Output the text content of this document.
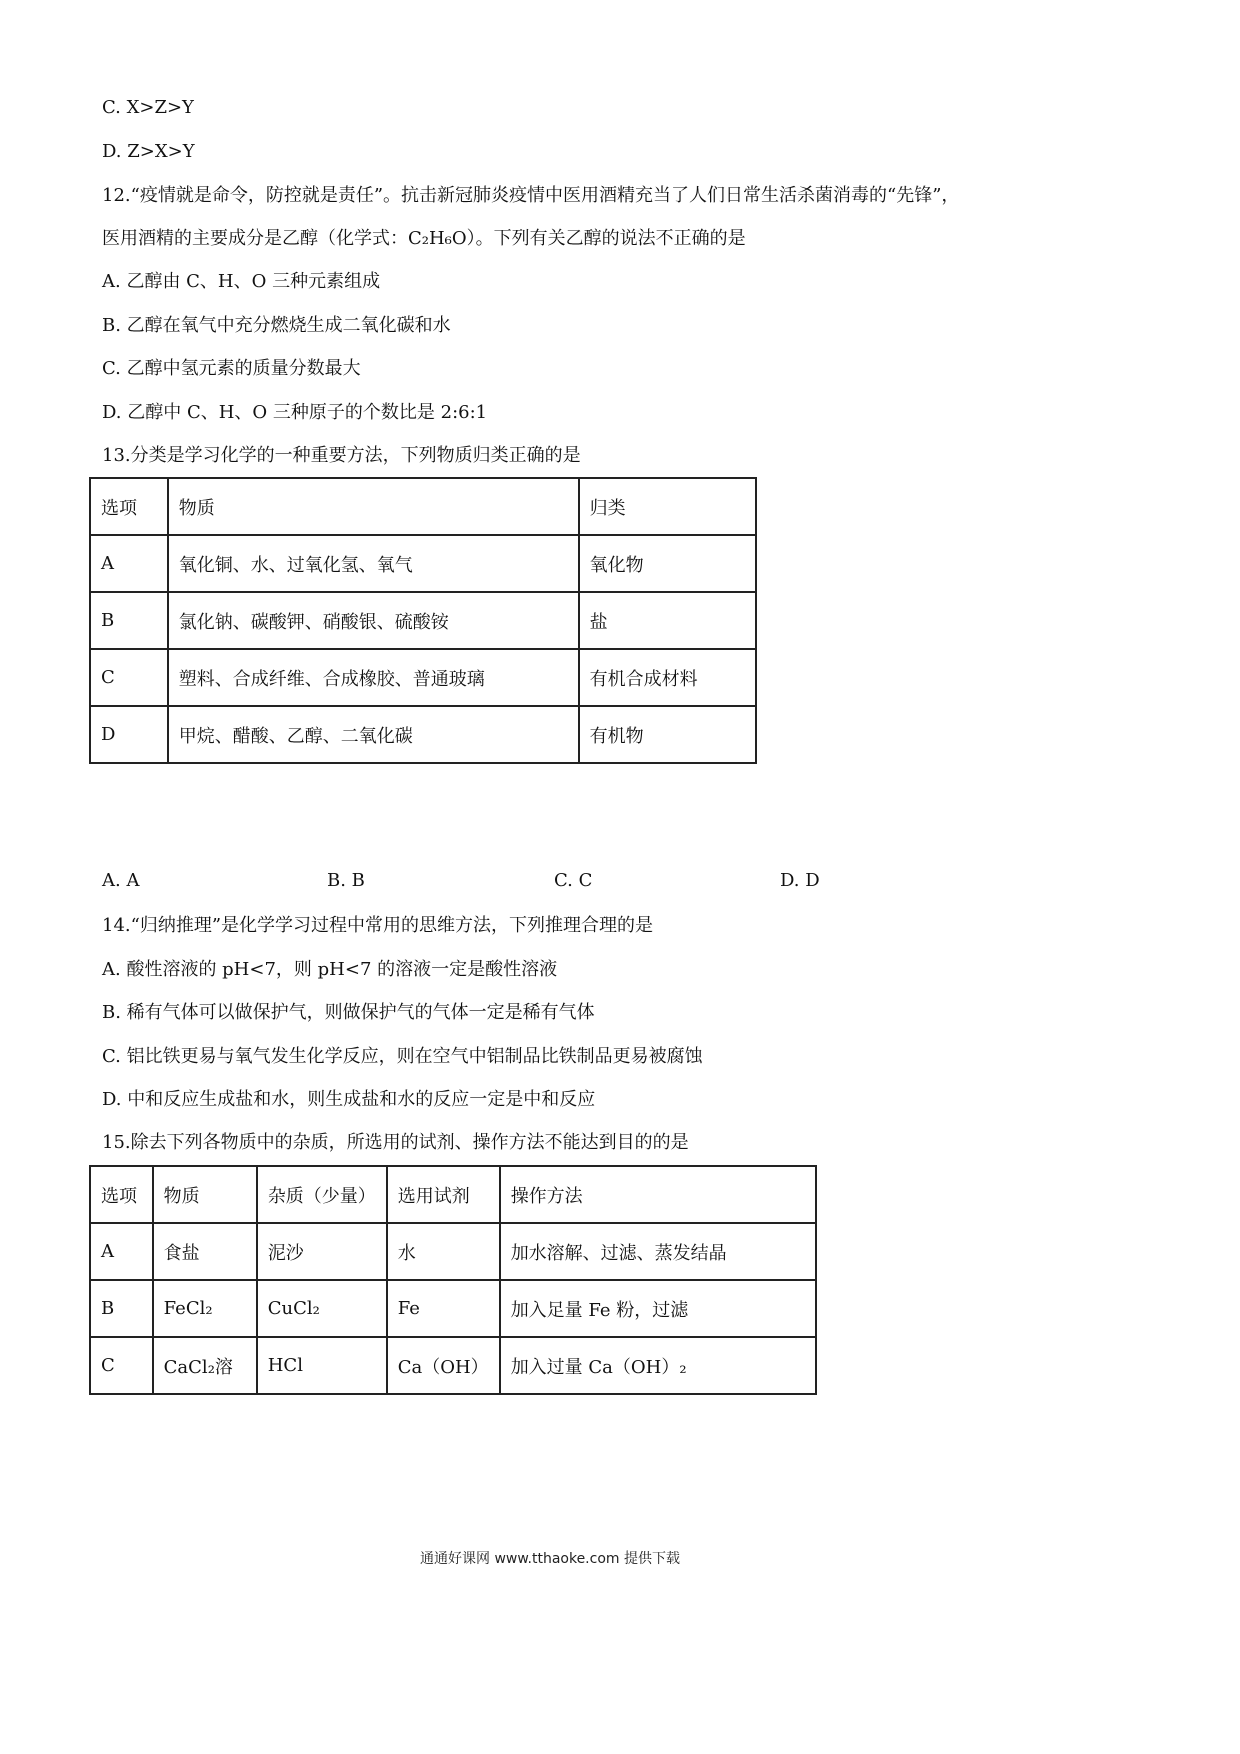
C. X>Z>Y
D. Z>X>Y
12.“疫情就是命令，防控就是责任”。抗击新冠肺炎疫情中医用酒精充当了人们日常生活杀菌消毒的“先锋”，
医用酒精的主要成分是乙醇（化学式：C₂H₆O）。下列有关乙醇的说法不正确的是
A. 乙醇由 C、H、O 三种元素组成
B. 乙醇在氧气中充分燃烧生成二氧化碳和水
C. 乙醇中氢元素的质量分数最大
D. 乙醇中 C、H、O 三种原子的个数比是 2:6:1
13.分类是学习化学的一种重要方法，下列物质归类正确的是
选项	物质	归类
A	氧化铜、水、过氧化氢、氧气	氧化物
B	氯化钠、碳酸钾、硝酸银、硫酸铵	盐
C	塑料、合成纤维、合成橡胶、普通玻璃	有机合成材料
D	甲烷、醋酸、乙醇、二氧化碳	有机物
A. A	B. B	C. C	D. D
14.“归纳推理”是化学学习过程中常用的思维方法，下列推理合理的是
A. 酸性溶液的 pH<7，则 pH<7 的溶液一定是酸性溶液
B. 稀有气体可以做保护气，则做保护气的气体一定是稀有气体
C. 铝比铁更易与氧气发生化学反应，则在空气中铝制品比铁制品更易被腐蚀
D. 中和反应生成盐和水，则生成盐和水的反应一定是中和反应
15.除去下列各物质中的杂质，所选用的试剂、操作方法不能达到目的的是
选项	物质	杂质（少量）	选用试剂	操作方法
A	食盐	泥沙	水	加水溶解、过滤、蒸发结晶
B	FeCl₂	CuCl₂	Fe	加入足量 Fe 粉，过滤
C	CaCl₂溶	HCl	Ca（OH）	加入过量 Ca（OH）₂
通通好课网 www.tthaoke.com 提供下载
